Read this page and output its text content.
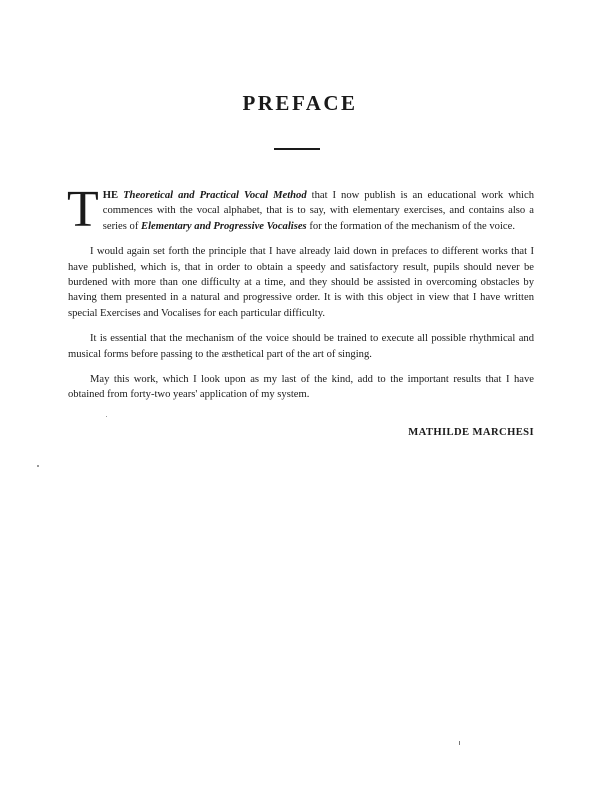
PREFACE

THE Theoretical and Practical Vocal Method that I now publish is an educational work which commences with the vocal alphabet, that is to say, with elementary exercises, and contains also a series of Elementary and Progressive Vocalises for the formation of the mechanism of the voice.

I would again set forth the principle that I have already laid down in prefaces to different works that I have published, which is, that in order to obtain a speedy and satisfactory result, pupils should never be burdened with more than one difficulty at a time, and they should be assisted in overcoming obstacles by having them presented in a natural and progressive order. It is with this object in view that I have written special Exercises and Vocalises for each particular difficulty.

It is essential that the mechanism of the voice should be trained to execute all possible rhythmical and musical forms before passing to the æsthetical part of the art of singing.

May this work, which I look upon as my last of the kind, add to the important results that I have obtained from forty-two years' application of my system.

MATHILDE MARCHESI
